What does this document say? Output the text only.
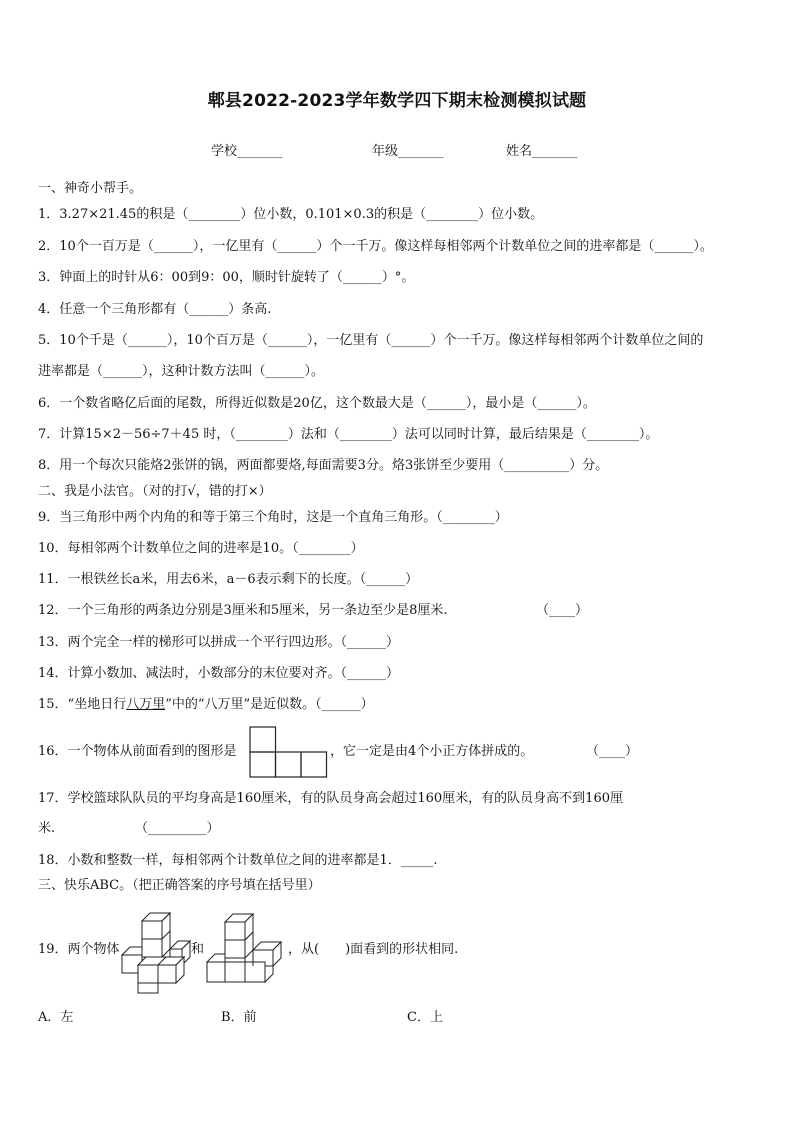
郫县2022-2023学年数学四下期末检测模拟试题
学校_______	年级_______	姓名_______
一、神奇小帮手。
1．3.27×21.45的积是（________）位小数，0.101×0.3的积是（________）位小数。
2．10个一百万是（______），一亿里有（______）个一千万。像这样每相邻两个计数单位之间的进率都是（______）。
3．钟面上的时针从6：00到9：00，顺时针旋转了（______）°。
4．任意一个三角形都有（______）条高.
5．10个千是（______），10个百万是（______），一亿里有（______）个一千万。像这样每相邻两个计数单位之间的
进率都是（______），这种计数方法叫（______）。
6．一个数省略亿后面的尾数，所得近似数是20亿，这个数最大是（______），最小是（______）。
7．计算15×2－56÷7＋45 时，（________）法和（________）法可以同时计算，最后结果是（________）。
8．用一个每次只能烙2张饼的锅，两面都要烙,每面需要3分。烙3张饼至少要用（__________）分。
二、我是小法官。（对的打√，错的打×）
9．当三角形中两个内角的和等于第三个角时，这是一个直角三角形。（________）
10．每相邻两个计数单位之间的进率是10。（________）
11．一根铁丝长a米，用去6米，a－6表示剩下的长度。（______）
12．一个三角形的两条边分别是3厘米和5厘米，另一条边至少是8厘米.	（____）
13．两个完全一样的梯形可以拼成一个平行四边形。（______）
14．计算小数加、减法时，小数部分的末位要对齐。（______）
15．“坐地日行八万里”中的“八万里”是近似数。（______）
16．一个物体从前面看到的图形是	，它一定是由4个小正方体拼成的。	（____）
17．学校篮球队队员的平均身高是160厘米，有的队员身高会超过160厘米，有的队员身高不到160厘
米.	（_________）
18．小数和整数一样，每相邻两个计数单位之间的进率都是1．_____.
三、快乐ABC。（把正确答案的序号填在括号里）
19．两个物体	和	，从(　　)面看到的形状相同.
A．左	B．前	C．上
